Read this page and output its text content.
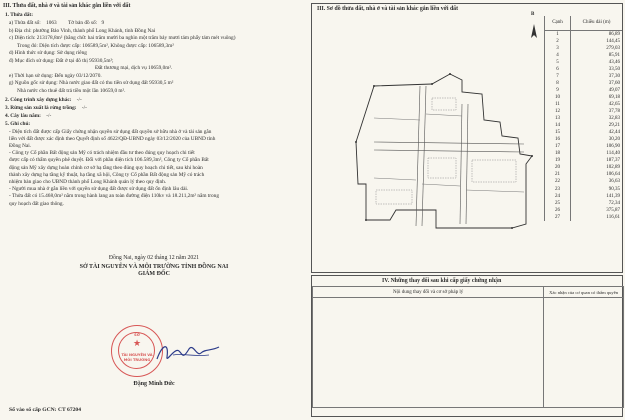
III. Thửa đất, nhà ở và tài sản khác gắn liền với đất
1. Thửa đất:
a) Thửa đất số: 1063 Tờ bản đồ số: 9
b) Địa chỉ: phường Bảo Vinh, thành phố Long Khánh, tỉnh Đồng Nai
c) Diện tích: 213178,8m² (bằng chữ: hai trăm mười ba nghìn một trăm bảy mươi tám phẩy tám mét vuông)
Trong đó: Diện tích được cấp: 106589,5m², Không được cấp: 106589,3m²
d) Hình thức sử dụng: Sử dụng riêng
đ) Mục đích sử dụng: Đất ở tại đô thị 95930,5m²;
Đất thương mại, dịch vụ 10659,0m².
e) Thời hạn sử dụng: Đến ngày 03/12/2070.
g) Nguồn gốc sử dụng: Nhà nước giao đất có thu tiền sử dụng đất 95930,5 m²
Nhà nước cho thuê đất trả tiền một lần 10659,0 m².
2. Công trình xây dựng khác: -/-
3. Rừng sản xuất là rừng trồng: -/-
4. Cây lâu năm: -/-
5. Ghi chú:
- Diện tích đất được cấp Giấy chứng nhận quyền sử dụng đất quyền sở hữu nhà ở và tài sản gắn
liền với đất được xác định theo Quyết định số 4622/QĐ-UBND ngày 03/12/2020 của UBND tỉnh
Đồng Nai.
- Công ty Cổ phần Bất động sản Mỹ có trách nhiệm đầu tư theo đúng quy hoạch chi tiết
được cấp có thẩm quyền phê duyệt. Đối với phần diện tích 106.589,3m², Công ty Cổ phần Bất
động sản Mỹ xây dựng hoàn chỉnh cơ sở hạ tầng theo đúng quy hoạch chi tiết, sau khi hoàn
thành xây dựng hạ tầng kỹ thuật, hạ tầng xã hội, Công ty Cổ phần Bất động sản Mỹ có trách
nhiệm bàn giao cho UBND thành phố Long Khánh quản lý theo quy định.
- Người mua nhà ở gắn liền với quyền sử dụng đất được sử dụng đất ổn định lâu dài.
- Thửa đất có 15.468,0m² nằm trong hành lang an toàn đường điện 110kv và 18.211,2m² nằm trong
quy hoạch đất giao thông.
Đồng Nai, ngày 02 tháng 12 năm 2021
SỞ TÀI NGUYÊN VÀ MÔI TRƯỜNG TỈNH ĐỒNG NAI
GIÁM ĐỐC
Đặng Minh Đức
SỞ
★
TÀI NGUYÊN VÀ
MÔI TRƯỜNG
Số vào sổ cấp GCN: CT 67204
III. Sơ đồ thửa đất, nhà ở và tài sản khác gắn liền với đất
B
Cạnh	Chiều dài (m)
1	86,89
2	144,45
3	279,03
4	85,91
5	43,46
6	33,50
7	37,30
8	37,60
9	49,07
10	69,18
11	42,65
12	37,78
13	32,83
14	29,21
15	42,44
16	30,20
17	106,90
18	114,40
19	187,37
20	102,89
21	106,64
22	36,63
23	90,35
24	141,39
25	72,34
26	375,87
27	116,61
IV. Những thay đổi sau khi cấp giấy chứng nhận
Nội dung thay đổi và cơ sở pháp lý	Xác nhận của cơ quan có thẩm quyền
